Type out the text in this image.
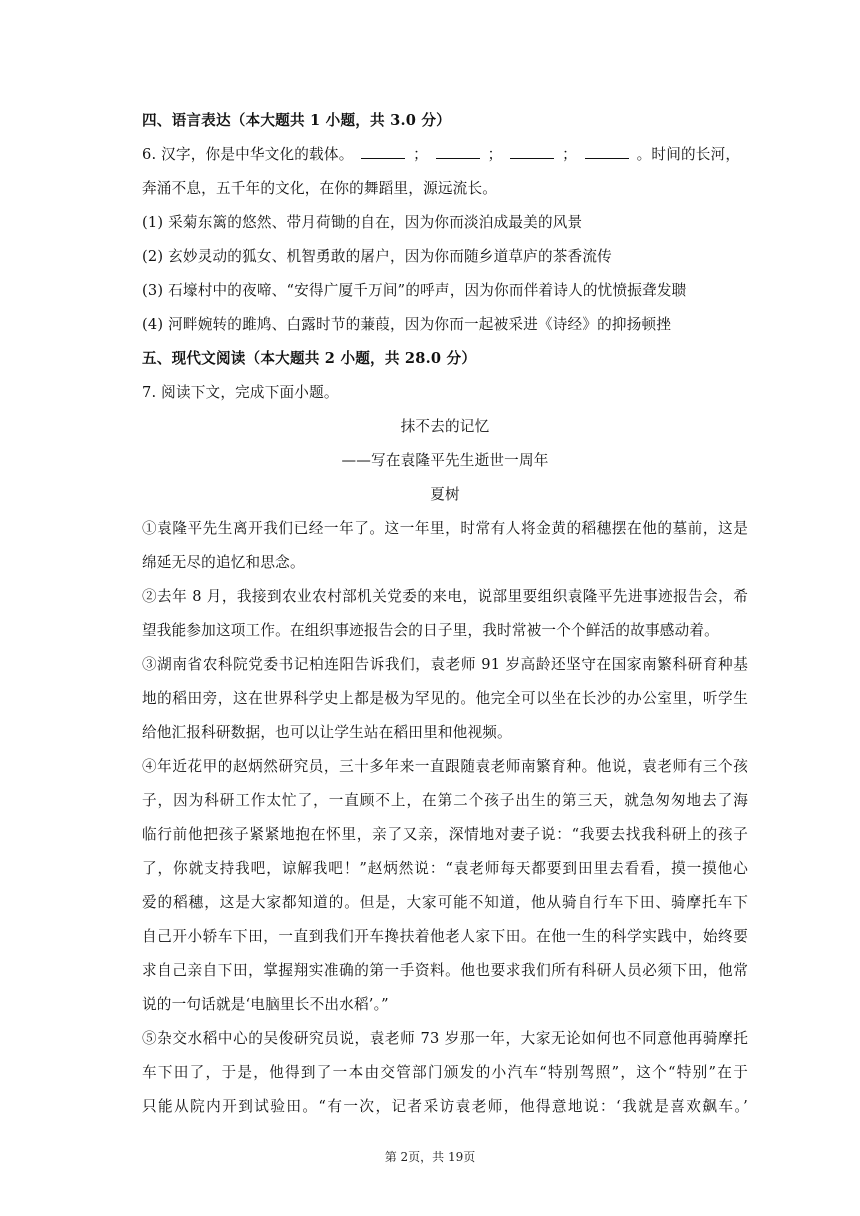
四、语言表达（本大题共 1 小题，共 3.0 分）
6. 汉字，你是中华文化的载体。	；	；	；	。时间的长河，
奔涌不息，五千年的文化，在你的舞蹈里，源远流长。
(1) 采菊东篱的悠然、带月荷锄的自在，因为你而淡泊成最美的风景
(2) 玄妙灵动的狐女、机智勇敢的屠户，因为你而随乡道草庐的茶香流传
(3) 石壕村中的夜啼、“安得广厦千万间”的呼声，因为你而伴着诗人的忧愤振聋发聩
(4) 河畔婉转的雎鸠、白露时节的蒹葭，因为你而一起被采进《诗经》的抑扬顿挫
五、现代文阅读（本大题共 2 小题，共 28.0 分）
7. 阅读下文，完成下面小题。
抹不去的记忆
——写在袁隆平先生逝世一周年
夏树
①袁隆平先生离开我们已经一年了。这一年里，时常有人将金黄的稻穗摆在他的墓前，这是
绵延无尽的追忆和思念。
②去年 8 月，我接到农业农村部机关党委的来电，说部里要组织袁隆平先进事迹报告会，希
望我能参加这项工作。在组织事迹报告会的日子里，我时常被一个个鲜活的故事感动着。
③湖南省农科院党委书记柏连阳告诉我们，袁老师 91 岁高龄还坚守在国家南繁科研育种基
地的稻田旁，这在世界科学史上都是极为罕见的。他完全可以坐在长沙的办公室里，听学生
给他汇报科研数据，也可以让学生站在稻田里和他视频。
④年近花甲的赵炳然研究员，三十多年来一直跟随袁老师南繁育种。他说，袁老师有三个孩
子，因为科研工作太忙了，一直顾不上，在第二个孩子出生的第三天，就急匆匆地去了海
临行前他把孩子紧紧地抱在怀里，亲了又亲，深情地对妻子说：“我要去找我科研上的孩子
了，你就支持我吧，谅解我吧！”赵炳然说：“袁老师每天都要到田里去看看，摸一摸他心
爱的稻穗，这是大家都知道的。但是，大家可能不知道，他从骑自行车下田、骑摩托车下
自己开小轿车下田，一直到我们开车搀扶着他老人家下田。在他一生的科学实践中，始终要
求自己亲自下田，掌握翔实准确的第一手资料。他也要求我们所有科研人员必须下田，他常
说的一句话就是‘电脑里长不出水稻’。”
⑤杂交水稻中心的吴俊研究员说，袁老师 73 岁那一年，大家无论如何也不同意他再骑摩托
车下田了，于是，他得到了一本由交管部门颁发的小汽车“特别驾照”，这个“特别”在于
只能从院内开到试验田。“有一次，记者采访袁老师，他得意地说：‘我就是喜欢飙车。’
第 2页，共 19页
